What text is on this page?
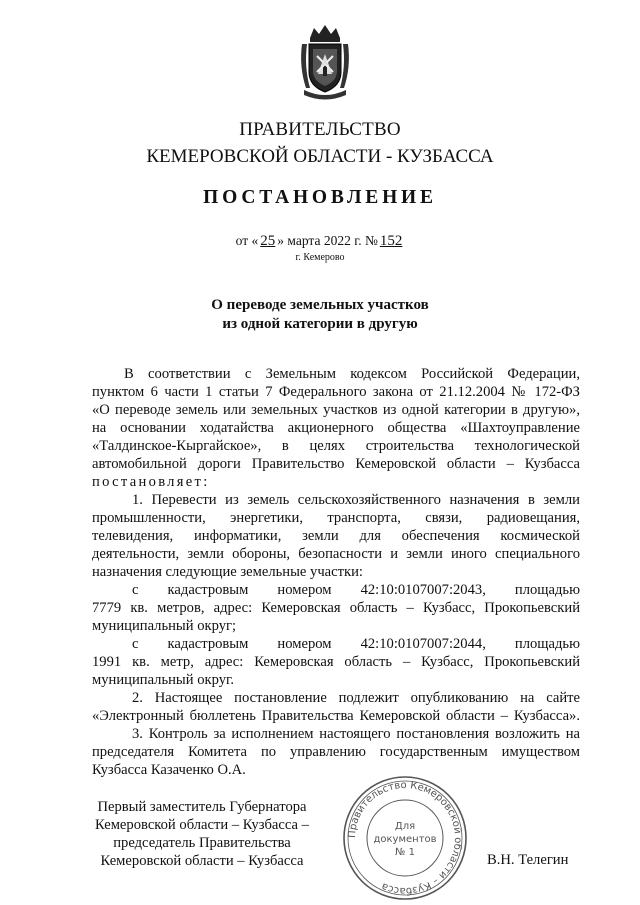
ПРАВИТЕЛЬСТВО
КЕМЕРОВСКОЙ ОБЛАСТИ - КУЗБАССА
ПОСТАНОВЛЕНИЕ
от « 25 » марта 2022 г. № 152
г. Кемерово
О переводе земельных участков
из одной категории в другую
В соответствии с Земельным кодексом Российской Федерации,
пунктом 6 части 1 статьи 7 Федерального закона от 21.12.2004 № 172-ФЗ
«О переводе земель или земельных участков из одной категории в другую»,
на основании ходатайства акционерного общества «Шахтоуправление
«Талдинское-Кыргайское», в целях строительства технологической
автомобильной дороги Правительство Кемеровской области – Кузбасса
постановляет:
1. Перевести из земель сельскохозяйственного назначения в земли
промышленности, энергетики, транспорта, связи, радиовещания,
телевидения, информатики, земли для обеспечения космической
деятельности, земли обороны, безопасности и земли иного специального
назначения следующие земельные участки:
с кадастровым номером 42:10:0107007:2043, площадью
7779 кв. метров, адрес: Кемеровская область – Кузбасс, Прокопьевский
муниципальный округ;
с кадастровым номером 42:10:0107007:2044, площадью
1991 кв. метр, адрес: Кемеровская область – Кузбасс, Прокопьевский
муниципальный округ.
2. Настоящее постановление подлежит опубликованию на сайте
«Электронный бюллетень Правительства Кемеровской области – Кузбасса».
3. Контроль за исполнением настоящего постановления возложить на
председателя Комитета по управлению государственным имуществом
Кузбасса Казаченко О.А.
Первый заместитель Губернатора
Кемеровской области – Кузбасса –
председатель Правительства
Кемеровской области – Кузбасса
Правительство Кемеровской области – Кузбасса
Для
документов
№ 1	В.Н. Телегин
